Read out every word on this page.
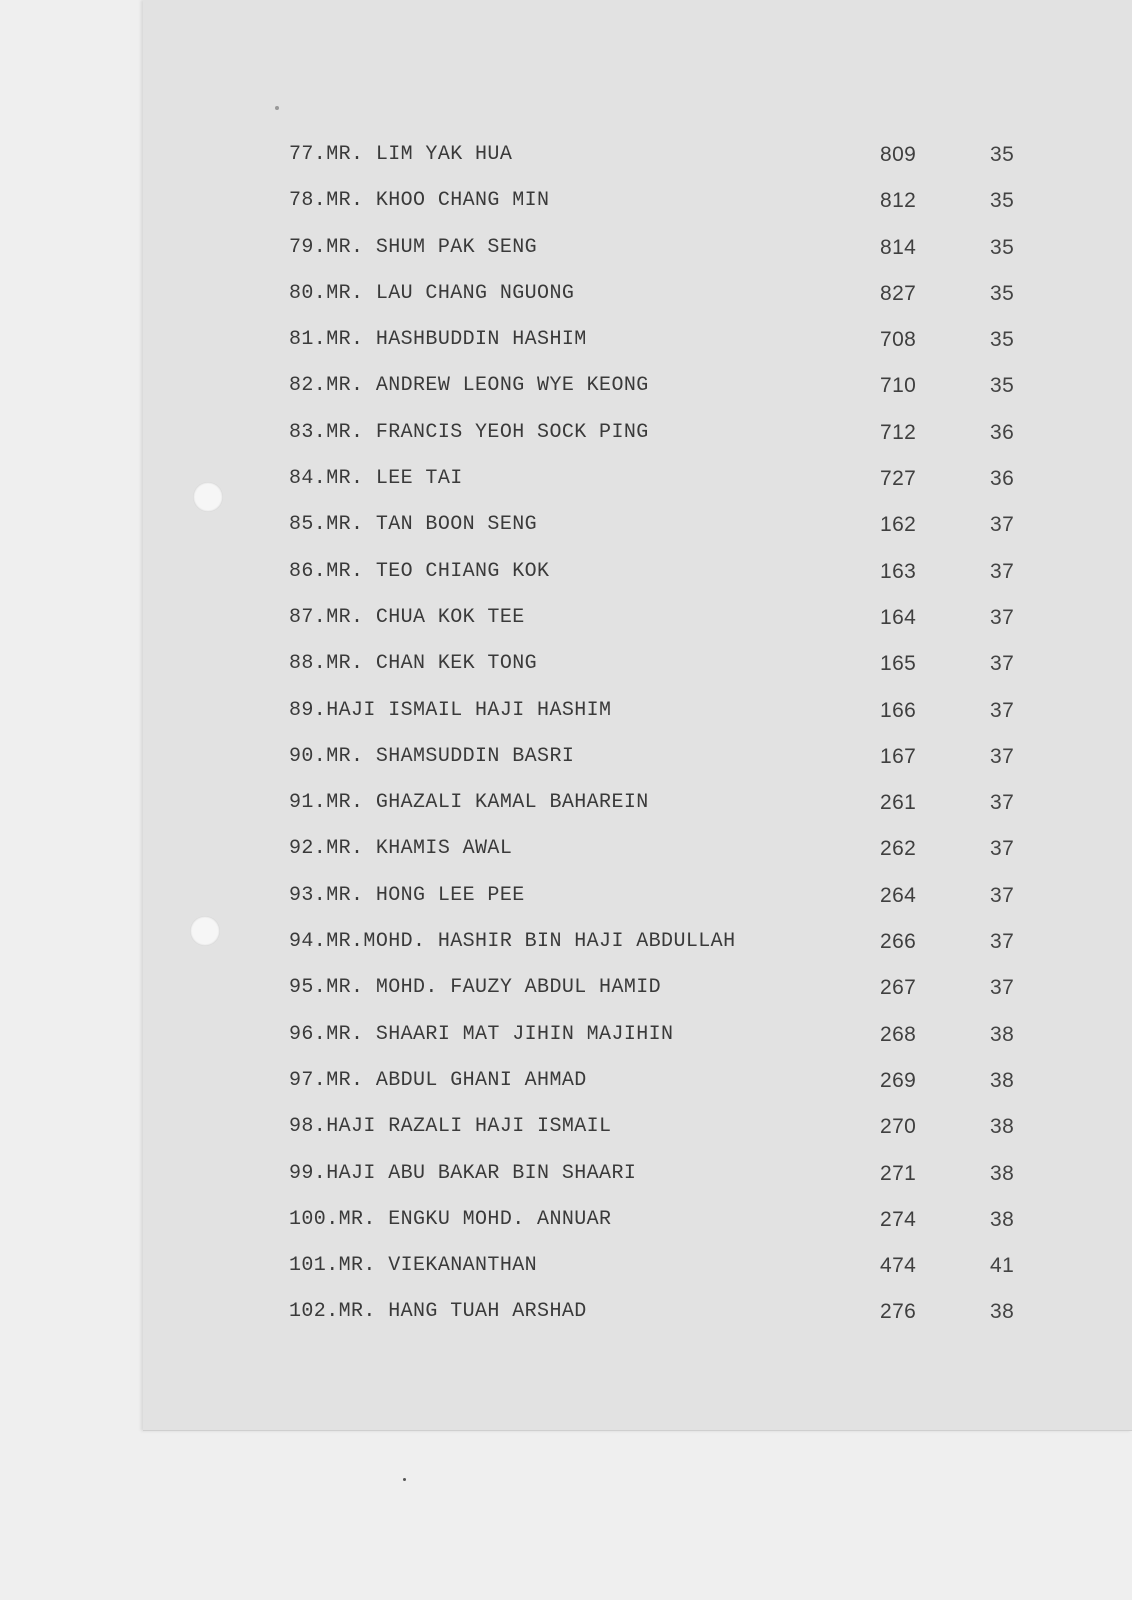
77.MR. LIM YAK HUA	809	35
78.MR. KHOO CHANG MIN	812	35
79.MR. SHUM PAK SENG	814	35
80.MR. LAU CHANG NGUONG	827	35
81.MR. HASHBUDDIN HASHIM	708	35
82.MR. ANDREW LEONG WYE KEONG	710	35
83.MR. FRANCIS YEOH SOCK PING	712	36
84.MR. LEE TAI	727	36
85.MR. TAN BOON SENG	162	37
86.MR. TEO CHIANG KOK	163	37
87.MR. CHUA KOK TEE	164	37
88.MR. CHAN KEK TONG	165	37
89.HAJI ISMAIL HAJI HASHIM	166	37
90.MR. SHAMSUDDIN BASRI	167	37
91.MR. GHAZALI KAMAL BAHAREIN	261	37
92.MR. KHAMIS AWAL	262	37
93.MR. HONG LEE PEE	264	37
94.MR.MOHD. HASHIR BIN HAJI ABDULLAH	266	37
95.MR. MOHD. FAUZY ABDUL HAMID	267	37
96.MR. SHAARI MAT JIHIN MAJIHIN	268	38
97.MR. ABDUL GHANI AHMAD	269	38
98.HAJI RAZALI HAJI ISMAIL	270	38
99.HAJI ABU BAKAR BIN SHAARI	271	38
100.MR. ENGKU MOHD. ANNUAR	274	38
101.MR. VIEKANANTHAN	474	41
102.MR. HANG TUAH ARSHAD	276	38
